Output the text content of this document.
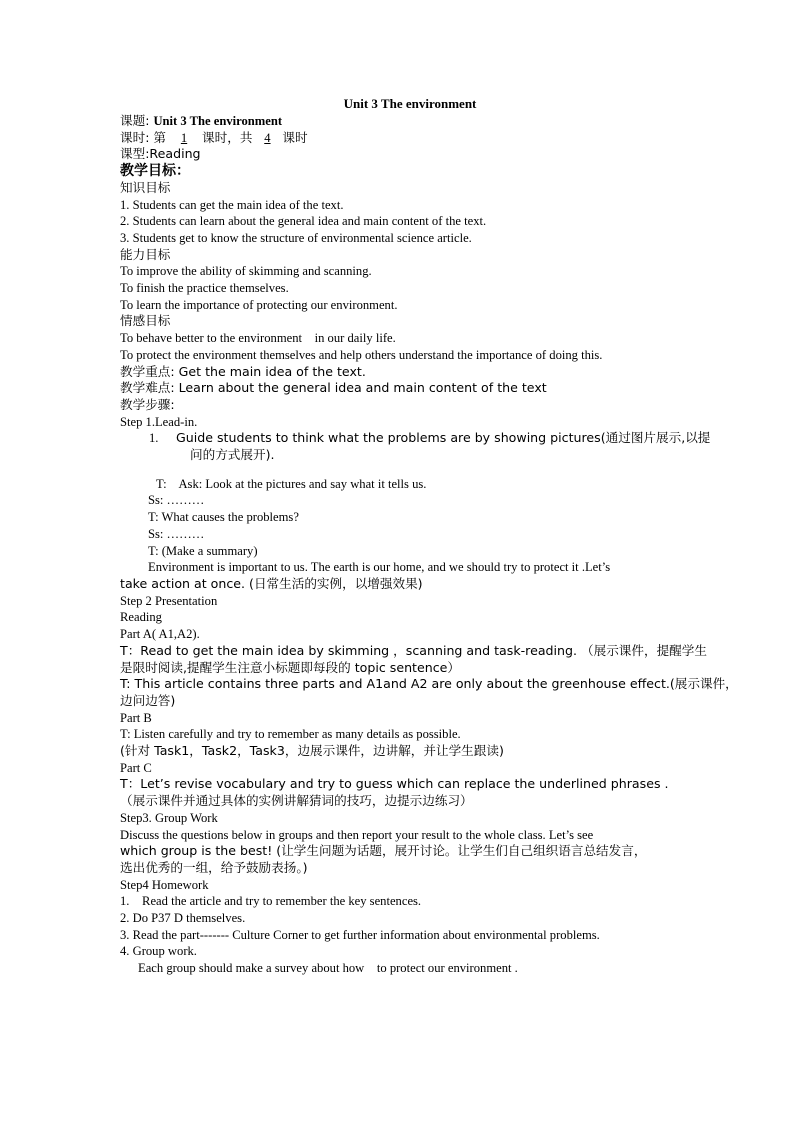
Unit 3 The environment
课题: Unit 3 The environment
课时: 第 1 课时，共 4 课时
课型:Reading
教学目标：
知识目标
1. Students can get the main idea of the text.
2. Students can learn about the general idea and main content of the text.
3. Students get to know the structure of environmental science article.
能力目标
To improve the ability of skimming and scanning.
To finish the practice themselves.
To learn the importance of protecting our environment.
情感目标
To behave better to the environment    in our daily life.
To protect the environment themselves and help others understand the importance of doing this.
教学重点: Get the main idea of the text.
教学难点: Learn about the general idea and main content of the text
教学步骤:
Step 1.Lead-in.
1. Guide students to think what the problems are by showing pictures(通过图片展示,以提
问的方式展开).
T:    Ask: Look at the pictures and say what it tells us.
Ss: ………
T: What causes the problems?
Ss: ………
T: (Make a summary)
Environment is important to us. The earth is our home, and we should try to protect it .Let’s
take action at once. (日常生活的实例，以增强效果)
Step 2 Presentation
Reading
Part A( A1,A2).
T：Read to get the main idea by skimming ，scanning and task-reading. （展示课件，提醒学生
是限时阅读,提醒学生注意小标题即每段的 topic sentence）
T: This article contains three parts and A1and A2 are only about the greenhouse effect.(展示课件，
边问边答)
Part B
T: Listen carefully and try to remember as many details as possible.
(针对 Task1，Task2，Task3，边展示课件，边讲解，并让学生跟读)
Part C
T：Let’s revise vocabulary and try to guess which can replace the underlined phrases .
（展示课件并通过具体的实例讲解猜词的技巧，边提示边练习）
Step3. Group Work
Discuss the questions below in groups and then report your result to the whole class. Let’s see
which group is the best! (让学生问题为话题，展开讨论。让学生们自己组织语言总结发言，
选出优秀的一组，给予鼓励表扬。)
Step4 Homework
1.    Read the article and try to remember the key sentences.
2. Do P37 D themselves.
3. Read the part------- Culture Corner to get further information about environmental problems.
4. Group work.
Each group should make a survey about how    to protect our environment .
